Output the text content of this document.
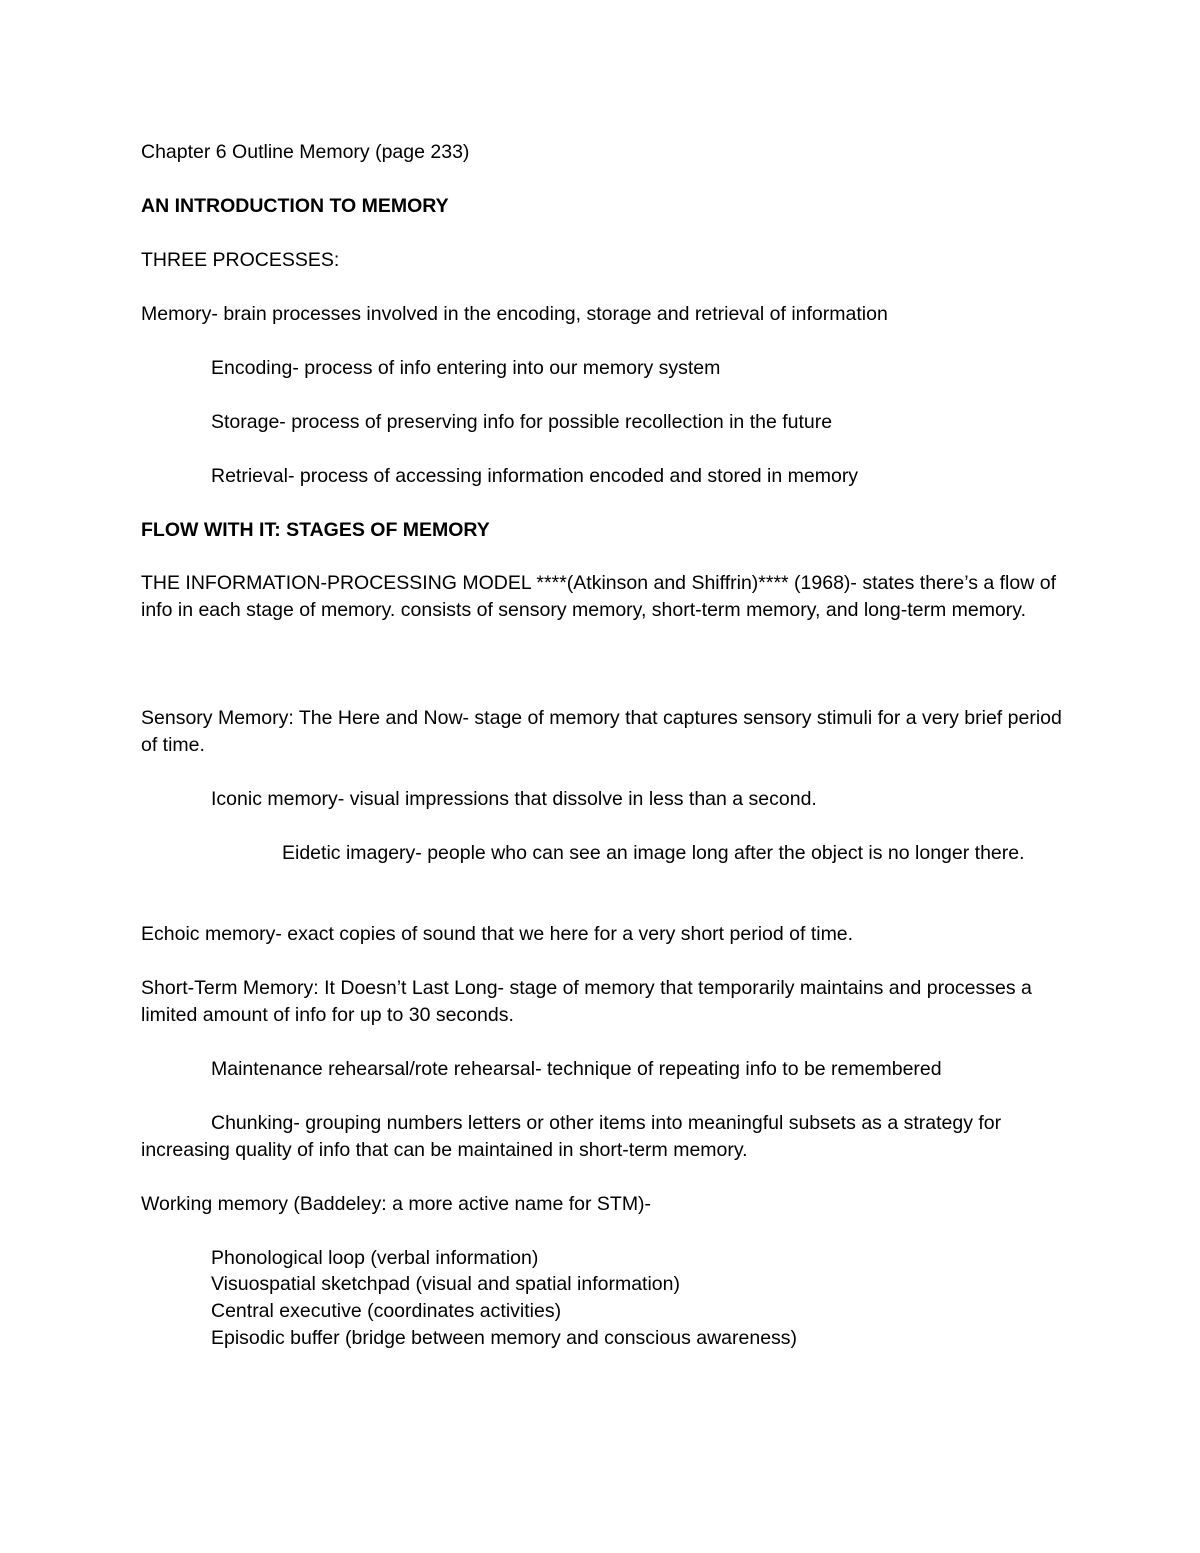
Chapter 6 Outline Memory (page 233)

AN INTRODUCTION TO MEMORY

THREE PROCESSES:

Memory- brain processes involved in the encoding, storage and retrieval of information

Encoding- process of info entering into our memory system

Storage- process of preserving info for possible recollection in the future

Retrieval- process of accessing information encoded and stored in memory

FLOW WITH IT: STAGES OF MEMORY

THE INFORMATION-PROCESSING MODEL ****(Atkinson and Shiffrin)**** (1968)- states there’s a flow of info in each stage of memory. consists of sensory memory, short-term memory, and long-term memory.

Sensory Memory: The Here and Now- stage of memory that captures sensory stimuli for a very brief period of time.

Iconic memory- visual impressions that dissolve in less than a second.

Eidetic imagery- people who can see an image long after the object is no longer there.

Echoic memory- exact copies of sound that we here for a very short period of time.

Short-Term Memory: It Doesn’t Last Long- stage of memory that temporarily maintains and processes a limited amount of info for up to 30 seconds.

Maintenance rehearsal/rote rehearsal- technique of repeating info to be remembered

Chunking- grouping numbers letters or other items into meaningful subsets as a strategy for increasing quality of info that can be maintained in short-term memory.

Working memory (Baddeley: a more active name for STM)-

Phonological loop (verbal information)

Visuospatial sketchpad (visual and spatial information)

Central executive (coordinates activities)

Episodic buffer (bridge between memory and conscious awareness)
